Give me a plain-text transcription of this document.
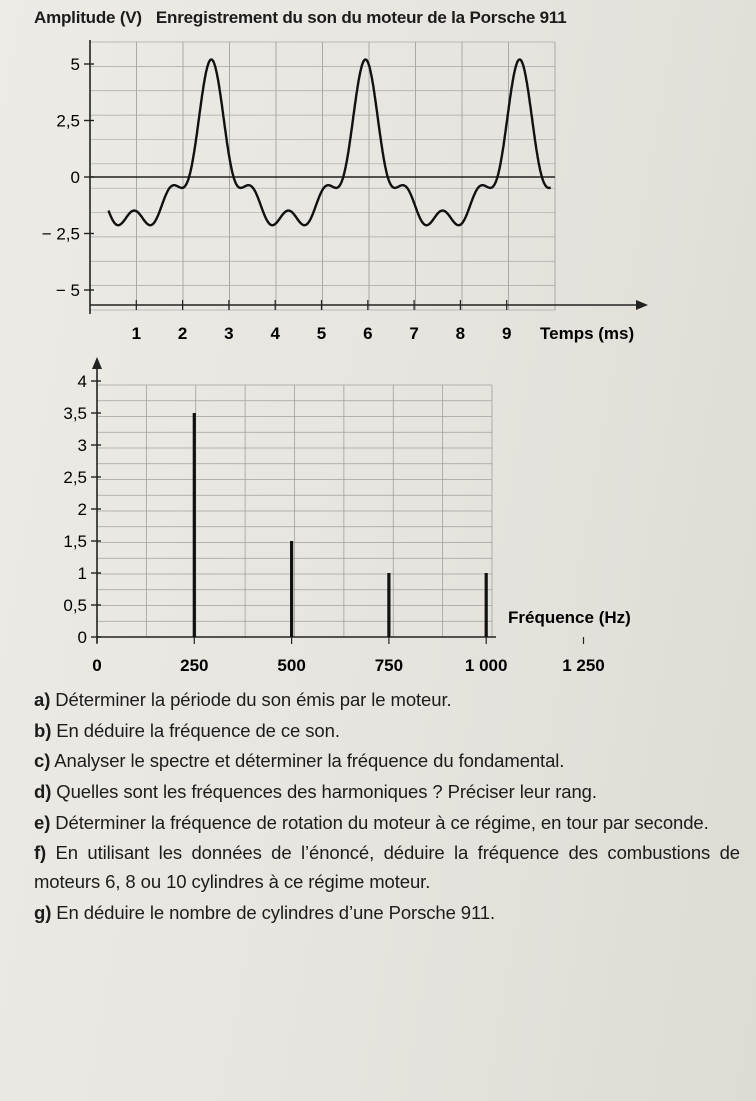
Amplitude (V) Enregistrement du son du moteur de la Porsche 911
5
2,5
0
− 2,5
− 5
1 2 3 4 5 6 7 8 9 Temps (ms)
0
0,5
1
1,5
2
2,5
3
3,5
4
0	250	500	750	1 000	1 250
Fréquence (Hz)

a) Déterminer la période du son émis par le moteur.

b) En déduire la fréquence de ce son.

c) Analyser le spectre et déterminer la fréquence du fondamental.

d) Quelles sont les fréquences des harmoniques ? Préciser leur rang.

e) Déterminer la fréquence de rotation du moteur à ce régime, en tour par seconde.

f) En utilisant les données de l’énoncé, déduire la fréquence des combustions de moteurs 6, 8 ou 10 cylindres à ce régime moteur.

g) En déduire le nombre de cylindres d’une Porsche 911.
